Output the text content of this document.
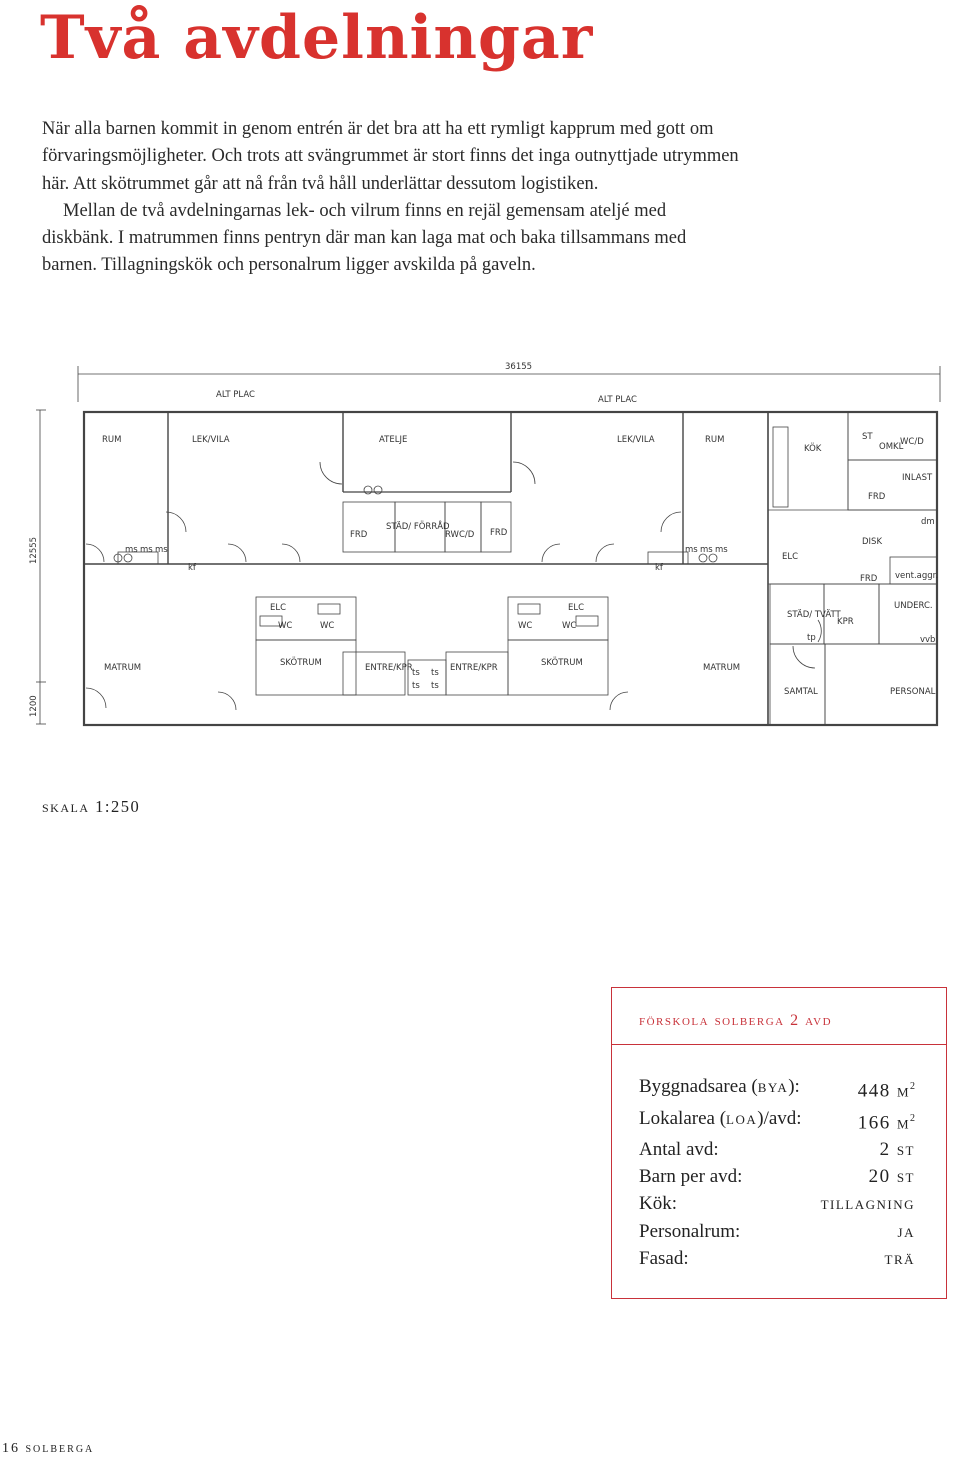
Två avdelningar

När alla barnen kommit in genom entrén är det bra att ha ett rymligt kapprum med gott om förvaringsmöjligheter. Och trots att svängrummet är stort finns det inga outnyttjade utrymmen här. Att skötrummet går att nå från två håll underlättar dessutom logistiken.

Mellan de två avdelningarnas lek- och vilrum finns en rejäl gemensam ateljé med diskbänk. I matrummen finns pentryn där man kan laga mat och baka tillsammans med barnen. Tillagningskök och personalrum ligger avskilda på gaveln.

36155
12555
1200
ALT PLAC	ALT PLAC
RUM	LEK/VILA	ATELJE	LEK/VILA	RUM
KÖK
ST
OMKL
WC/D
INLAST
FRD
FRD
STÄD/ FÖRRÅD
RWC/D FRD
dm
DISK
ms ms ms	ms ms ms
kf	kf
ELC
FRD vent.aggr.
ELC	ELC
WC	WC	WC	WC
STÄD/ TVÄTT
KPR
UNDERC.
tp	vvb
MATRUM	MATRUM
SKÖTRUM	SKÖTRUM
ENTRE/KPR	ENTRE/KPR
ts ts
ts ts
SAMTAL	PERSONAL
skala 1:250
förskola solberga 2 avd
Byggnadsarea (bya):	448 $m^2$
Lokalarea (loa)/avd:	166 $m^2$
Antal avd:	2 st
Barn per avd:	20 st
Kök:	tillagning
Personalrum:	ja
Fasad:	trä
16 solberga
